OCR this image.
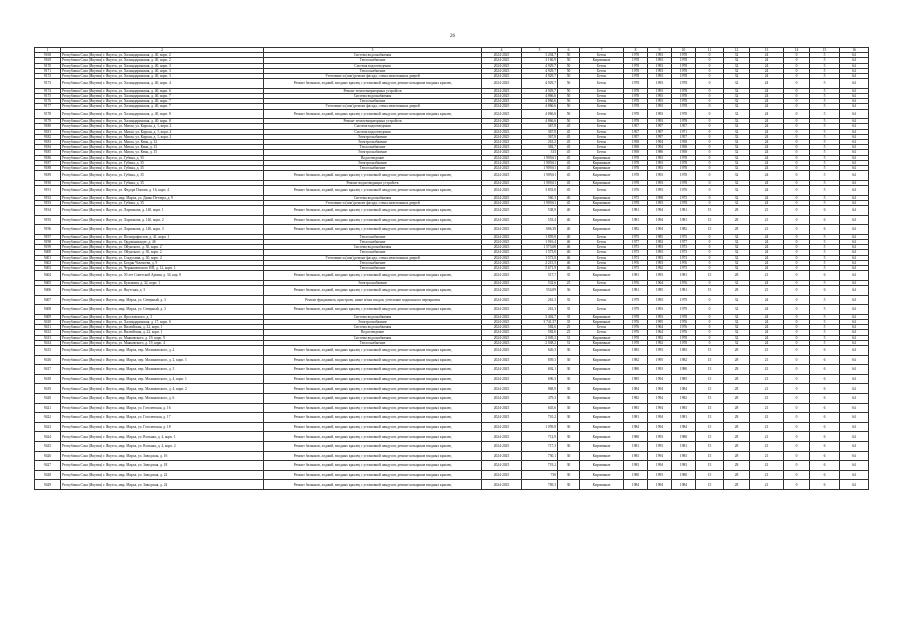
26
1	2	3	4	5	6	7	8	9	10	11	12	13	14	15	16
9168	Республика Саха (Якутия) г. Якутск, ул. Халиндаринская, д. 40, корп. 2	Система водоснабжения	2024-2025	3 204,7	50	Бетон	1978	1993	1978	0	32	24	0	5	64
9169	Республика Саха (Якутия) г. Якутск, ул. Халиндаринская, д. 40, корп. 2	Теплоснабжение	2024-2025	3 166,9	50	Кирпичные	1978	1993	1978	0	32	24	0	5	64
9170	Республика Саха (Якутия) г. Якутск, ул. Халиндаринская, д. 40, корп. 3	Система водоотведения	2024-2025	4 929,7	50	Бетон	1978	1993	1978	0	32	24	0	5	64
9171	Республика Саха (Якутия) г. Якутск, ул. Халиндаринская, д. 40, корп. 3	Теплоснабжение	2024-2025	4 929,7	50	Бетон	1978	1993	1978	0	32	24	0	5	64
9172	Республика Саха (Якутия) г. Якутск, ул. Халиндаринская, д. 40, корп. 3	Утепление и (или) ремонт фасада, стены межэтажных дверей	2024-2025	4 929,7	50	Бетон	1978	1993	1978	0	32	24	0	5	64
9173	Республика Саха (Якутия) г. Якутск, ул. Халиндаринская, д. 40, корп. 4	Ремонт балконов, лоджий, входных крылец с установкой пандусов, ремонт козырьков входных крылец	2024-2025	4 929,7	50	Бетон	1978	1993	1978	0	32	24	0	5	64
9174	Республика Саха (Якутия) г. Якутск, ул. Халиндаринская, д. 40, корп. 6	Ремонт теплогенераторных устройств	2024-2025	4 929,7	50	Бетон	1978	1993	1978	0	32	24	0	5	64
9175	Республика Саха (Якутия) г. Якутск, ул. Халиндаринская, д. 40, корп. 7	Система водоснабжения	2024-2025	4 866,6	50	Бетон	1978	1993	1978	0	32	24	0	5	64
9176	Республика Саха (Якутия) г. Якутск, ул. Халиндаринская, д. 40, корп. 7	Теплоснабжение	2024-2025	4 866,6	50	Бетон	1978	1993	1978	0	32	24	0	5	64
9177	Республика Саха (Якутия) г. Якутск, ул. Халиндаринская, д. 40, корп. 7	Утепление и (или) ремонт фасада, стены межэтажных дверей	2024-2025	4 866,6	50	Бетон	1978	1993	1978	0	32	24	0	5	64
9178	Республика Саха (Якутия) г. Якутск, ул. Халиндаринская, д. 40, корп. 8	Ремонт балконов, лоджий, входных крылец с установкой пандусов, ремонт козырьков входных крылец	2024-2025	4 866,6	50	Бетон	1978	1993	1978	0	32	24	0	5	64
9179	Республика Саха (Якутия) г. Якутск, ул. Халиндаринская, д. 40, корп. 8	Ремонт теплогенераторных устройств	2024-2025	4 866,6	50	Бетон	1978	1993	1978	0	32	24	0	5	64
9180	Республика Саха (Якутия) г. Якутск, ул. Мигаа, ул. Короля, д. 1, корп. 2	Система водоотведения	2024-2025	367,8	45	Бетон	1957	1997	1957	0	32	24	0	5	64
9181	Республика Саха (Якутия) г. Якутск, ул. Мигаа, ул. Короля, д. 1, корп. 2	Система водоотведения	2024-2025	367,8	45	Бетон	1957	1997	1971	0	32	24	0	5	64
9182	Республика Саха (Якутия) г. Якутск, ул. Мигаа, ул. Короля, д. 1, корп. 2	Электроснабжение	2024-2025	367,8	45	Бетон	1957	1997	1957	0	32	24	0	5	64
9183	Республика Саха (Якутия) г. Якутск, ул. Мигаа, ул. Кеня, д. 12	Электроснабжение	2024-2025	261,2	45	Бетон	1958	1994	1958	0	32	24	0	5	64
9184	Республика Саха (Якутия) г. Якутск, ул. Мигаа, ул. Кеня, д. 13	Теплоснабжение	2024-2025	382,7	45	Бетон	1958	1994	1958	0	32	24	0	5	64
9185	Республика Саха (Якутия) г. Якутск, ул. Мигаа, ул. Кеня, д. 15	Электроснабжение	2024-2025	313	45	Бетон	1958	1986	1958	0	32	24	0	5	64
9186	Республика Саха (Якутия) г. Якутск, ул. Губина, д. 35	Водоотведение	2024-2025	1 909,61	45	Кирпичные	1978	1993	1978	0	32	24	0	5	64
9187	Республика Саха (Якутия) г. Якутск, ул. Губина, д. 35	Электроснабжение	2024-2025	1 909,61	45	Кирпичные	1978	1993	1978	0	32	24	0	5	64
9188	Республика Саха (Якутия) г. Якутск, ул. Губина, д. 35	Теплоснабжение	2024-2025	1 909,61	45	Кирпичные	1978	1993	1978	0	32	24	0	5	64
9189	Республика Саха (Якутия) г. Якутск, ул. Губина, д. 35	Ремонт балконов, лоджий, входных крылец с установкой пандусов, ремонт козырьков входных крылец	2024-2025	1 909,61	45	Кирпичные	1978	1993	1978	0	32	24	0	5	64
9190	Республика Саха (Якутия) г. Якутск, ул. Губина, д. 35	Ремонт водоотводящих устройств	2024-2025	1 909,61	45	Кирпичные	1978	1993	1978	0	32	24	0	5	64
9191	Республика Саха (Якутия) г. Якутск, ул. Федора Попова, д. 16, корп. 4	Ремонт балконов, лоджий, входных крылец с установкой пандусов, ремонт козырьков входных крылец	2024-2025	3 853,8	45	Бетон	1976	1993	1976	0	32	24	0	5	64
9192	Республика Саха (Якутия) г. Якутск, мкр. Марха, ул. Дьяко Петчера, д. 9	Система водоснабжения	2024-2025	560,3	40	Кирпичные	1975	1998	1975	0	32	24	0	5	64
9193	Республика Саха (Якутия) г. Якутск, ул. Губина, д. 35	Утепление и (или) ремонт фасада, стены межэтажных дверей	2024-2025	1 909,61	45	Кирпичные	1978	1993	1978	0	32	24	0	5	64
9194	Республика Саха (Якутия) г. Якутск, ул. Ларионова, д. 140, корп. 1	Ремонт балконов, лоджий, входных крылец с установкой пандусов, ремонт козырьков входных крылец	2024-2025	538,9	40	Кирпичные	1981	1994	1981	15	28	21	0	6	64
9195	Республика Саха (Якутия) г. Якутск, ул. Ларионова, д. 140, корп. 2	Ремонт балконов, лоджий, входных крылец с установкой пандусов, ремонт козырьков входных крылец	2024-2025	553,4	40	Кирпичные	1981	1994	1981	15	28	21	0	6	64
9196	Республика Саха (Якутия) г. Якутск, ул. Ларионова, д. 140, корп. 3	Ремонт балконов, лоджий, входных крылец с установкой пандусов, ремонт козырьков входных крылец	2024-2025	686,39	40	Кирпичные	1982	1994	1982	15	28	21	0	6	64
9197	Республика Саха (Якутия) г. Якутск, ул. Полиграфистов, д. 41, корп. 1	Теплоснабжение	2024-2025	1 859,8	40	Бетон	1975	1985	1975	0	32	24	0	5	64
9198	Республика Саха (Якутия) г. Якутск, ул. Орджоникидзе, д. 46	Теплоснабжение	2024-2025	1 916,4	46	Бетон	1977	1992	1977	0	32	24	0	5	64
9199	Республика Саха (Якутия) г. Якутск, ул. Ойунского, д. 30, корп. 2	Система водоснабжения	2024-2025	1 573,68	46	Бетон	1973	1993	1973	0	32	24	0	5	64
9400	Республика Саха (Якутия) г. Якутск, ул. Ойунского, д. 30, корп. 2	Теплоснабжение	2024-2025	1 573,8	46	Бетон	1973	1993	1973	0	32	24	0	5	64
9401	Республика Саха (Якутия) г. Якутск, ул. Стадухина, д. 30, корп. 2	Утепление и (или) ремонт фасада, стены межэтажных дверей	2024-2025	1 573,8	46	Бетон	1973	1993	1973	0	32	24	0	5	64
9402	Республика Саха (Якутия) г. Якутск, ул. Богдан Чомчоева, д. 9	Теплоснабжение	2024-2025	2 215,5	40	Бетон	1976	1993	1976	0	32	24	0	5	64
9403	Республика Саха (Якутия) г. Якутск, ул. Чернышевского НП, д. 12, корп. 1	Теплоснабжение	2024-2025	5 671,9	46	Бетон	1975	1992	1975	0	32	24	0	5	64
9404	Республика Саха (Якутия) г. Якутск, ул. 50 лет Советской Армии, д. 34, кор. 8	Ремонт балконов, лоджий, входных крылец с установкой пандусов, ремонт козырьков входных крылец	2024-2025	517,7	35	Кирпичные	1981	1993	1981	15	28	21	0	6	64
9405	Республика Саха (Якутия) г. Якутск, ул. Кузьмина, д. 32, корп. 1	Электроснабжение	2024-2025	532,6	25	Бетон	1976	1964	1976	0	32	24	0	5	64
9406	Республика Саха (Якутия) г. Якутск, ул. Якутская, д. 3	Ремонт балконов, лоджий, входных крылец с установкой пандусов, ремонт козырьков входных крылец	2024-2025	554,09	36	Кирпичные	1981	1985	1981	15	28	21	0	6	64
9407	Республика Саха (Якутия) г. Якутск, мкр. Марха, ул. Северный, д. 3	Ремонт фундамента, пристроек, ниже и/или входов, утепление подвального перекрытия	2024-2025	261,3	35	Бетон	1979	1993	1979	0	32	24	0	5	64
9408	Республика Саха (Якутия) г. Якутск, мкр. Марха, ул. Северный, д. 3	Ремонт балконов, лоджий, входных крылец с установкой пандусов, ремонт козырьков входных крылец	2024-2025	261,3	35	Бетон	1979	1993	1979	0	32	24	0	5	64
9409	Республика Саха (Якутия) г. Якутск, ул. Ярославского, д. 3	Система водоснабжения	2024-2025	3 402,7	35	Кирпичные	1978	1993	1978	0	32	24	0	5	64
9410	Республика Саха (Якутия) г. Якутск, ул. Халиндаринская, д. 17, корп. 6	Электроснабжение	2024-2025	3 741,37	35	Кирпичные	1976	1995	1976	0	32	24	0	5	64
9411	Республика Саха (Якутия) г. Якутск, ул. Вилюйская, д. 22, корп. 1	Система водоснабжения	2024-2025	582,6	25	Бетон	1976	1964	1976	0	32	24	0	5	64
9412	Республика Саха (Якутия) г. Якутск, ул. Вилюйская, д. 22, корп. 1	Водоотведение	2024-2025	582,6	25	Бетон	1976	1964	1976	0	32	24	0	5	64
9413	Республика Саха (Якутия) г. Якутск, ул. Маяковского, д. 19, корп. 9	Система водоснабжения	2024-2025	2 049,3	31	Кирпичные	1978	1992	1978	0	32	24	0	5	64
9414	Республика Саха (Якутия) г. Якутск, ул. Маяковского, д. 19, корп. 4	Теплоснабжение	2024-2025	2 048,2	31	Кирпичные	1978	1992	1978	0	32	24	0	5	64
9415	Республика Саха (Якутия) г. Якутск, мкр. Марха, пер. Малиновского, д. 2	Ремонт балконов, лоджий, входных крылец с установкой пандусов, ремонт козырьков входных крылец	2024-2025	626,3	30	Кирпичные	1983	1993	1983	15	28	21	0	6	64
9416	Республика Саха (Якутия) г. Якутск, мкр. Марха, пер. Малиновского, д. 2, корп. 1	Ремонт балконов, лоджий, входных крылец с установкой пандусов, ремонт козырьков входных крылец	2024-2025	859,3	30	Кирпичные	1982	1995	1982	15	28	21	0	6	64
9417	Республика Саха (Якутия) г. Якутск, мкр. Марха, пер. Малиновского, д. 3	Ремонт балконов, лоджий, входных крылец с установкой пандусов, ремонт козырьков входных крылец	2024-2025	692,1	30	Кирпичные	1980	1993	1980	15	28	21	0	6	64
9418	Республика Саха (Якутия) г. Якутск, мкр. Марха, пер. Малиновского, д. 4, корп. 1	Ремонт балконов, лоджий, входных крылец с установкой пандусов, ремонт козырьков входных крылец	2024-2025	696,3	30	Кирпичные	1985	1994	1985	15	28	21	0	6	64
9419	Республика Саха (Якутия) г. Якутск, мкр. Марха, пер. Малиновского, д. 4, корп. 2	Ремонт балконов, лоджий, входных крылец с установкой пандусов, ремонт козырьков входных крылец	2024-2025	868,9	30	Кирпичные	1984	1994	1984	15	28	21	0	6	64
9420	Республика Саха (Якутия) г. Якутск, мкр. Марха, пер. Малиновского, д. 6	Ремонт балконов, лоджий, входных крылец с установкой пандусов, ремонт козырьков входных крылец	2024-2025	479,3	30	Кирпичные	1982	1994	1982	15	28	21	0	6	64
9421	Республика Саха (Якутия) г. Якутск, мкр. Марха, ул. Гоголевская, д. 16	Ремонт балконов, лоджий, входных крылец с установкой пандусов, ремонт козырьков входных крылец	2024-2025	645,6	30	Кирпичные	1983	1994	1983	15	28	21	0	6	64
9422	Республика Саха (Якутия) г. Якутск, мкр. Марха, ул. Гоголевская, д. 17	Ремонт балконов, лоджий, входных крылец с установкой пандусов, ремонт козырьков входных крылец	2024-2025	710,2	30	Кирпичные	1981	1994	1981	15	28	21	0	6	64
9423	Республика Саха (Якутия) г. Якутск, мкр. Марха, ул. Гоголевская, д. 18	Ремонт балконов, лоджий, входных крылец с установкой пандусов, ремонт козырьков входных крылец	2024-2025	1 059,8	30	Кирпичные	1984	1994	1984	15	28	21	0	6	64
9424	Республика Саха (Якутия) г. Якутск, мкр. Марха, ул. Вольная, д. 4, корп. 1	Ремонт балконов, лоджий, входных крылец с установкой пандусов, ремонт козырьков входных крылец	2024-2025	712,9	30	Кирпичные	1980	1993	1980	15	28	21	0	6	64
9425	Республика Саха (Якутия) г. Якутск, мкр. Марха, ул. Вольная, д. 4, корп. 2	Ремонт балконов, лоджий, входных крылец с установкой пандусов, ремонт козырьков входных крылец	2024-2025	717,3	30	Кирпичные	1981	1993	1981	15	28	21	0	6	64
9426	Республика Саха (Якутия) г. Якутск, мкр. Марха, ул. Заводская, д. 16	Ремонт балконов, лоджий, входных крылец с установкой пандусов, ремонт козырьков входных крылец	2024-2025	750,1	30	Кирпичные	1983	1994	1983	15	28	21	0	6	64
9427	Республика Саха (Якутия) г. Якутск, мкр. Марха, ул. Заводская, д. 18	Ремонт балконов, лоджий, входных крылец с установкой пандусов, ремонт козырьков входных крылец	2024-2025	719,2	30	Кирпичные	1983	1994	1983	15	28	21	0	6	64
9428	Республика Саха (Якутия) г. Якутск, мкр. Марха, ул. Заводская, д. 22	Ремонт балконов, лоджий, входных крылец с установкой пандусов, ремонт козырьков входных крылец	2024-2025	730	30	Кирпичные	1980	1993	1980	15	28	21	0	6	64
9429	Республика Саха (Якутия) г. Якутск, мкр. Марха, ул. Заводская, д. 24	Ремонт балконов, лоджий, входных крылец с установкой пандусов, ремонт козырьков входных крылец	2024-2025	769,3	30	Кирпичные	1984	1994	1984	15	28	21	0	6	64
